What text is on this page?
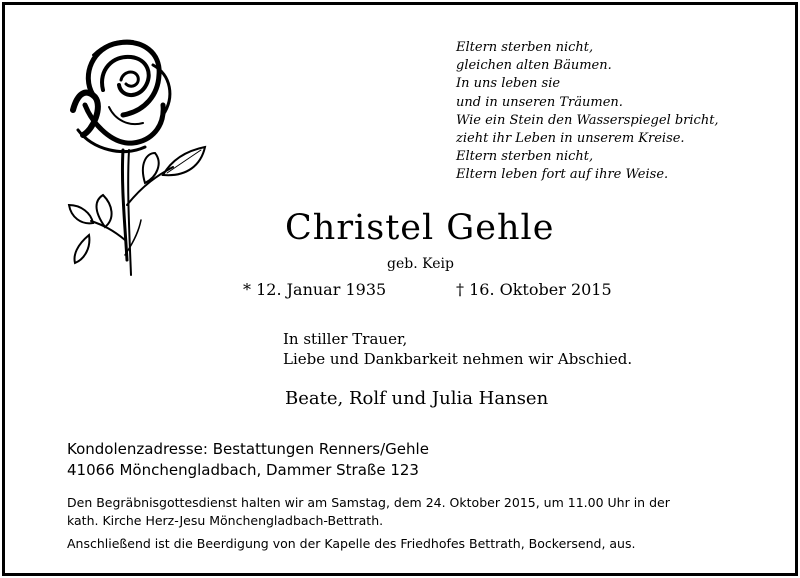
Eltern sterben nicht,
gleichen alten Bäumen.
In uns leben sie
und in unseren Träumen.
Wie ein Stein den Wasserspiegel bricht,
zieht ihr Leben in unserem Kreise.
Eltern sterben nicht,
Eltern leben fort auf ihre Weise.
Christel Gehle
geb. Keip
* 12. Januar 1935	† 16. Oktober 2015
In stiller Trauer,
Liebe und Dankbarkeit nehmen wir Abschied.
Beate, Rolf und Julia Hansen
Kondolenzadresse: Bestattungen Renners/Gehle
41066 Mönchengladbach, Dammer Straße 123

Den Begräbnisgottesdienst halten wir am Samstag, dem 24. Oktober 2015, um 11.00 Uhr in der

kath. Kirche Herz-Jesu Mönchengladbach-Bettrath.

Anschließend ist die Beerdigung von der Kapelle des Friedhofes Bettrath, Bockersend, aus.
